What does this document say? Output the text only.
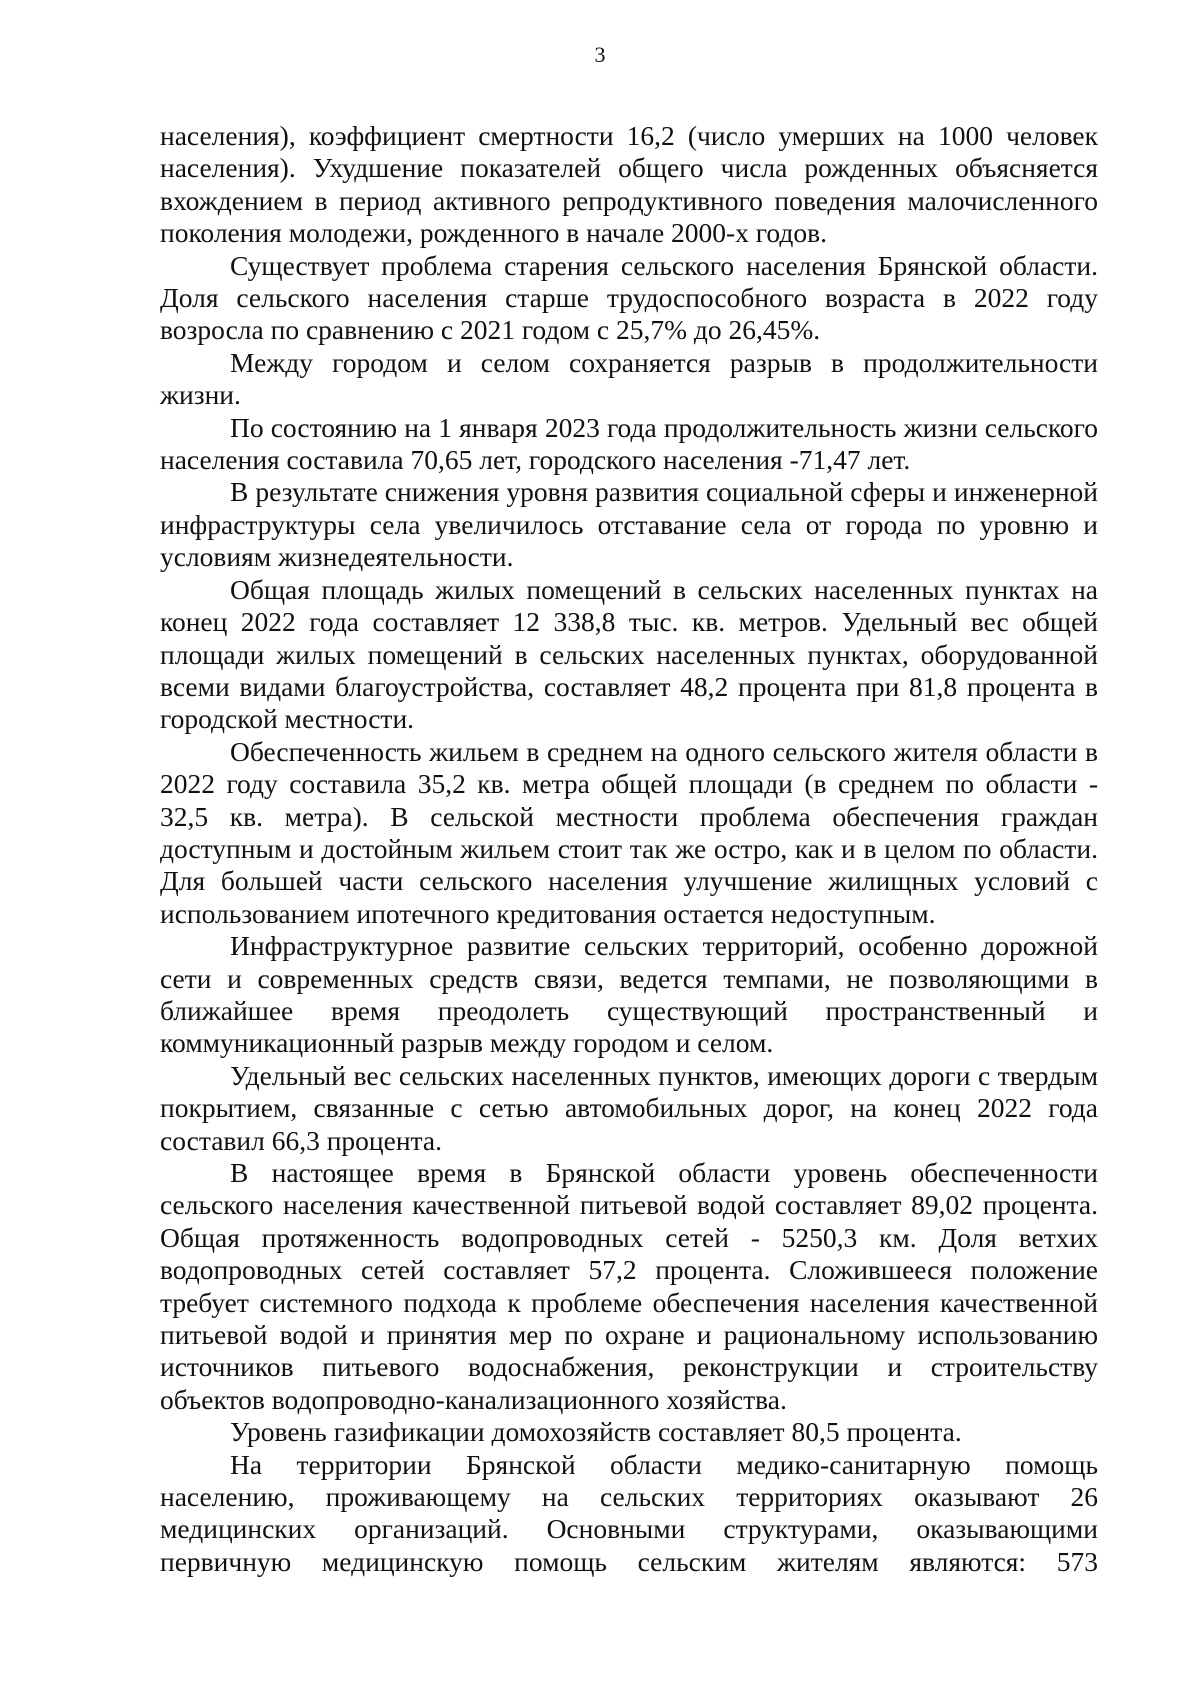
3

населения), коэффициент смертности 16,2 (число умерших на 1000 человек населения). Ухудшение показателей общего числа рожденных объясняется вхождением в период активного репродуктивного поведения малочисленного поколения молодежи, рожденного в начале 2000-х годов.

Существует проблема старения сельского населения Брянской области. Доля сельского населения старше трудоспособного возраста в 2022 году возросла по сравнению с 2021 годом с 25,7% до 26,45%.

Между городом и селом сохраняется разрыв в продолжительности жизни.

По состоянию на 1 января 2023 года продолжительность жизни сельского населения составила 70,65 лет, городского населения -71,47 лет.

В результате снижения уровня развития социальной сферы и инженерной инфраструктуры села увеличилось отставание села от города по уровню и условиям жизнедеятельности.

Общая площадь жилых помещений в сельских населенных пунктах на конец 2022 года составляет 12 338,8 тыс. кв. метров. Удельный вес общей площади жилых помещений в сельских населенных пунктах, оборудованной всеми видами благоустройства, составляет 48,2 процента при 81,8 процента в городской местности.

Обеспеченность жильем в среднем на одного сельского жителя области в 2022 году составила 35,2 кв. метра общей площади (в среднем по области - 32,5 кв. метра). В сельской местности проблема обеспечения граждан доступным и достойным жильем стоит так же остро, как и в целом по области. Для большей части сельского населения улучшение жилищных условий с использованием ипотечного кредитования остается недоступным.

Инфраструктурное развитие сельских территорий, особенно дорожной сети и современных средств связи, ведется темпами, не позволяющими в ближайшее время преодолеть существующий пространственный и коммуникационный разрыв между городом и селом.

Удельный вес сельских населенных пунктов, имеющих дороги с твердым покрытием, связанные с сетью автомобильных дорог, на конец 2022 года составил 66,3 процента.

В настоящее время в Брянской области уровень обеспеченности сельского населения качественной питьевой водой составляет 89,02 процента. Общая протяженность водопроводных сетей - 5250,3 км. Доля ветхих водопроводных сетей составляет 57,2 процента. Сложившееся положение требует системного подхода к проблеме обеспечения населения качественной питьевой водой и принятия мер по охране и рациональному использованию источников питьевого водоснабжения, реконструкции и строительству объектов водопроводно-канализационного хозяйства.

Уровень газификации домохозяйств составляет 80,5 процента.

На территории Брянской области медико-санитарную помощь населению, проживающему на сельских территориях оказывают 26 медицинских организаций. Основными структурами, оказывающими первичную медицинскую помощь сельским жителям являются: 573
